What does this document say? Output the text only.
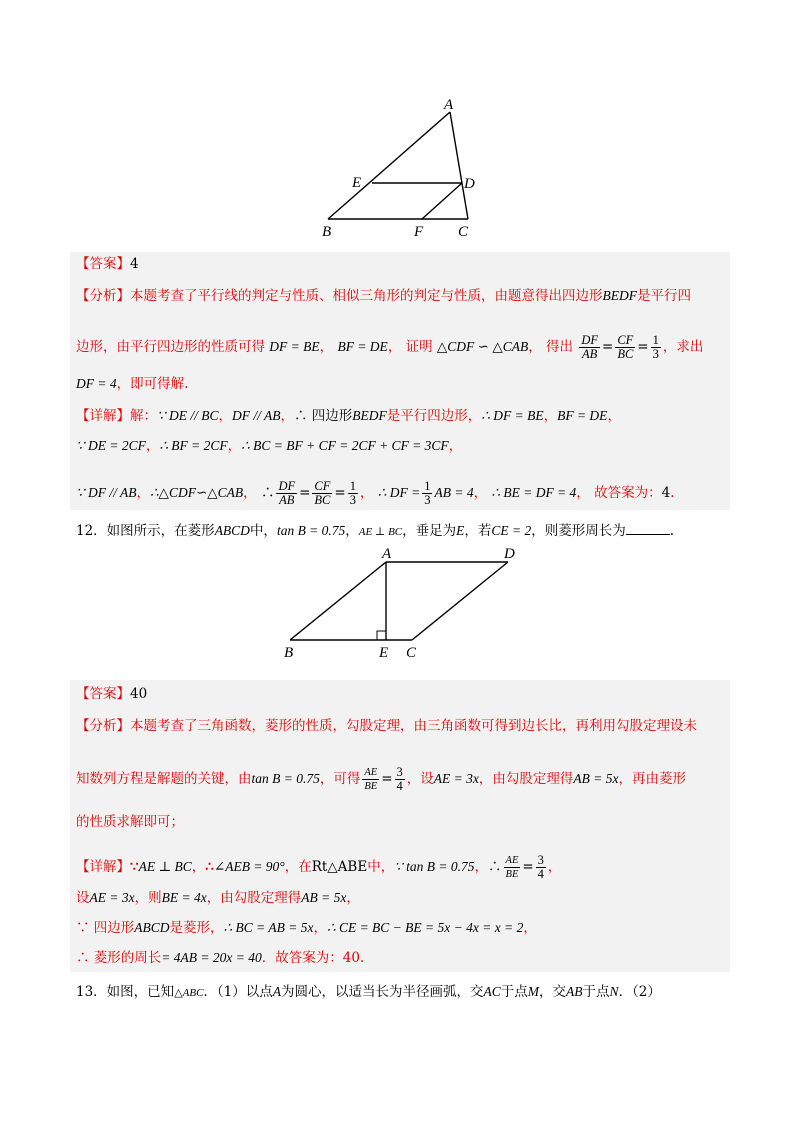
A
E	D
B	F C
【答案】4
【分析】本题考查了平行线的判定与性质、相似三角形的判定与性质，由题意得出四边形BEDF是平行四
边形，由平行四边形的性质可得 DF = BE， BF = DE， 证明 △CDF ∽ △CAB， 得出 $\frac{DF}{AB} = \frac{CF}{BC} = \frac{1}{3}$ ，求出
DF = 4，即可得解.
【详解】解：∵ DE // BC，DF // AB，∴ 四边形BEDF是平行四边形，∴ DF = BE，BF = DE，
∵ DE = 2CF，∴ BF = 2CF，∴ BC = BF + CF = 2CF + CF = 3CF，
∵ DF // AB，∴△CDF∽△CAB， ∴ $\frac{DF}{AB} = \frac{CF}{BC} = \frac{1}{3}$ ， ∴ DF = $\frac{1}{3}$ AB = 4， ∴ BE = DF = 4， 故答案为：4.
12．如图所示，在菱形ABCD中，tan B = 0.75，AE ⊥ BC，垂足为E，若CE = 2，则菱形周长为	.
A	D
B	E C
【答案】40
【分析】本题考查了三角函数，菱形的性质，勾股定理，由三角函数可得到边长比，再利用勾股定理设未
知数列方程是解题的关键，由tan B = 0.75，可得 $\frac{AE}{BE} = \frac{3}{4}$ ，设AE = 3x，由勾股定理得AB = 5x，再由菱形
的性质求解即可；
【详解】∵AE ⊥ BC，∴∠AEB = 90°，在Rt△ABE中，∵ tan B = 0.75，∴ $\frac{AE}{BE} = \frac{3}{4}$ ，
设AE = 3x，则BE = 4x，由勾股定理得AB = 5x，
∵ 四边形ABCD是菱形，∴ BC = AB = 5x，∴ CE = BC − BE = 5x − 4x = x = 2，
∴ 菱形的周长= 4AB = 20x = 40．故答案为：40.
13．如图，已知△ABC．（1）以点A为圆心，以适当长为半径画弧，交AC于点M，交AB于点N．（2）
